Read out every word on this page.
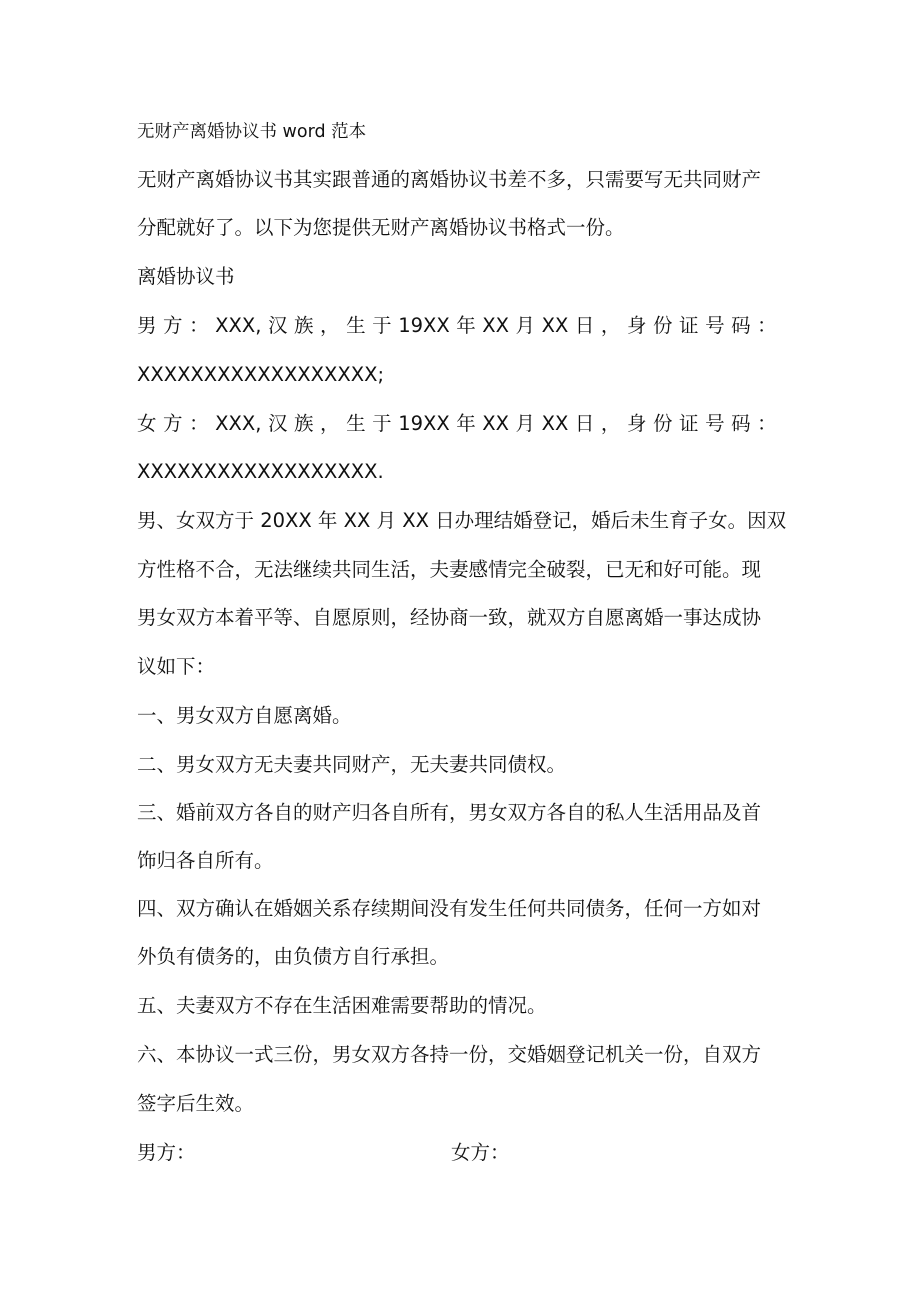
无财产离婚协议书 word 范本

无财产离婚协议书其实跟普通的离婚协议书差不多，只需要写无共同财产

分配就好了。以下为您提供无财产离婚协议书格式一份。

离婚协议书

男 方 ： XXX, 汉 族 ， 生 于 19XX 年 XX 月 XX 日 ， 身 份 证 号 码 ：

XXXXXXXXXXXXXXXXXX;

女 方 ： XXX, 汉 族 ， 生 于 19XX 年 XX 月 XX 日 ， 身 份 证 号 码 ：

XXXXXXXXXXXXXXXXXX.

男、女双方于 20XX 年 XX 月 XX 日办理结婚登记，婚后未生育子女。因双

方性格不合，无法继续共同生活，夫妻感情完全破裂，已无和好可能。现

男女双方本着平等、自愿原则，经协商一致，就双方自愿离婚一事达成协

议如下：

一、男女双方自愿离婚。

二、男女双方无夫妻共同财产，无夫妻共同债权。

三、婚前双方各自的财产归各自所有，男女双方各自的私人生活用品及首

饰归各自所有。

四、双方确认在婚姻关系存续期间没有发生任何共同债务，任何一方如对

外负有债务的，由负债方自行承担。

五、夫妻双方不存在生活困难需要帮助的情况。

六、本协议一式三份，男女双方各持一份，交婚姻登记机关一份，自双方

签字后生效。

男方：	女方：
